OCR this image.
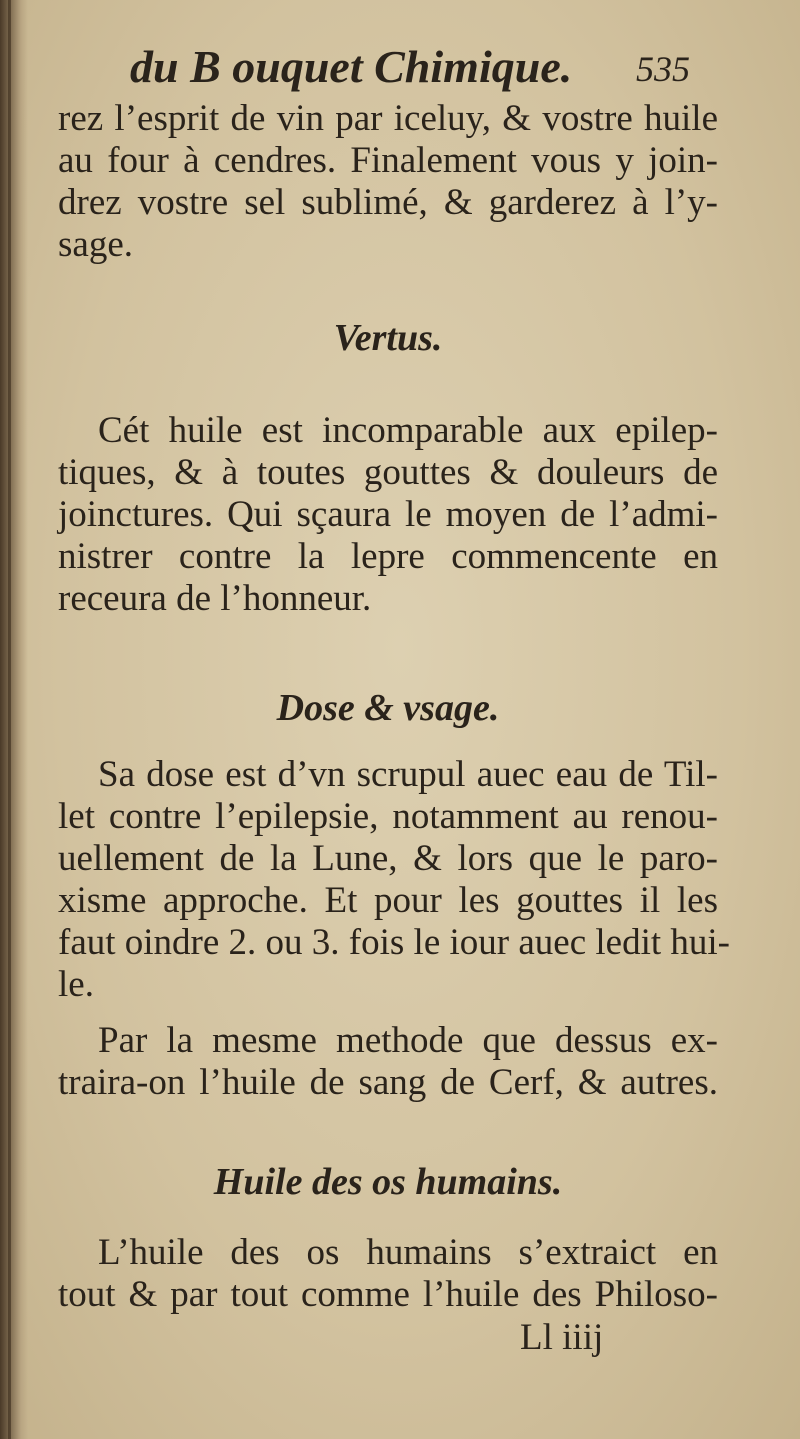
du B ouquet Chimique. 535
rez l’esprit de vin par iceluy, & vostre huile
au four à cendres. Finalement vous y join-
drez vostre sel sublimé, & garderez à l’y-
sage.
Vertus.
Cét huile est incomparable aux epilep-
tiques, & à toutes gouttes & douleurs de
joinctures. Qui sçaura le moyen de l’admi-
nistrer contre la lepre commencente en
receura de l’honneur.
Dose & vsage.
Sa dose est d’vn scrupul auec eau de Til-
let contre l’epilepsie, notamment au renou-
uellement de la Lune, & lors que le paro-
xisme approche. Et pour les gouttes il les
faut oindre 2. ou 3. fois le iour auec ledit hui-
le.
Par la mesme methode que dessus ex-
traira-on l’huile de sang de Cerf, & autres.
Huile des os humains.
L’huile des os humains s’extraict en
tout & par tout comme l’huile des Philoso-
Ll iiij
